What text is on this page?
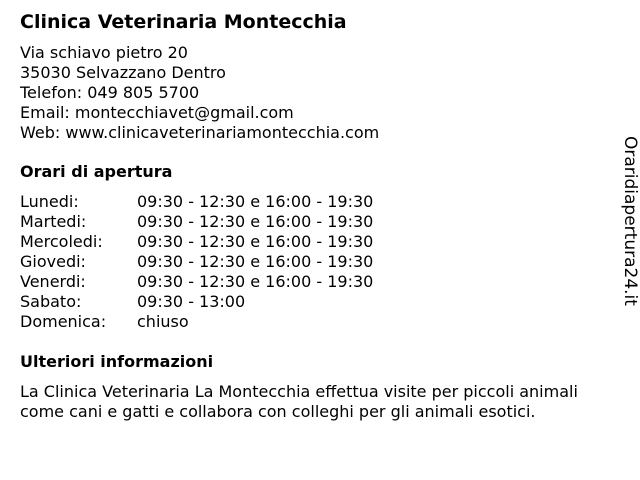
Clinica Veterinaria Montecchia
Via schiavo pietro 20
35030 Selvazzano Dentro
Telefon: 049 805 5700
Email: montecchiavet@gmail.com
Web: www.clinicaveterinariamontecchia.com
Orari di apertura
Lunedi:	09:30 - 12:30 e 16:00 - 19:30
Martedi:	09:30 - 12:30 e 16:00 - 19:30
Mercoledi:	09:30 - 12:30 e 16:00 - 19:30
Giovedi:	09:30 - 12:30 e 16:00 - 19:30
Venerdi:	09:30 - 12:30 e 16:00 - 19:30
Sabato:	09:30 - 13:00
Domenica:	chiuso
Ulteriori informazioni
La Clinica Veterinaria La Montecchia effettua visite per piccoli animali come cani e gatti e collabora con colleghi per gli animali esotici.
Oraridiapertura24.it
